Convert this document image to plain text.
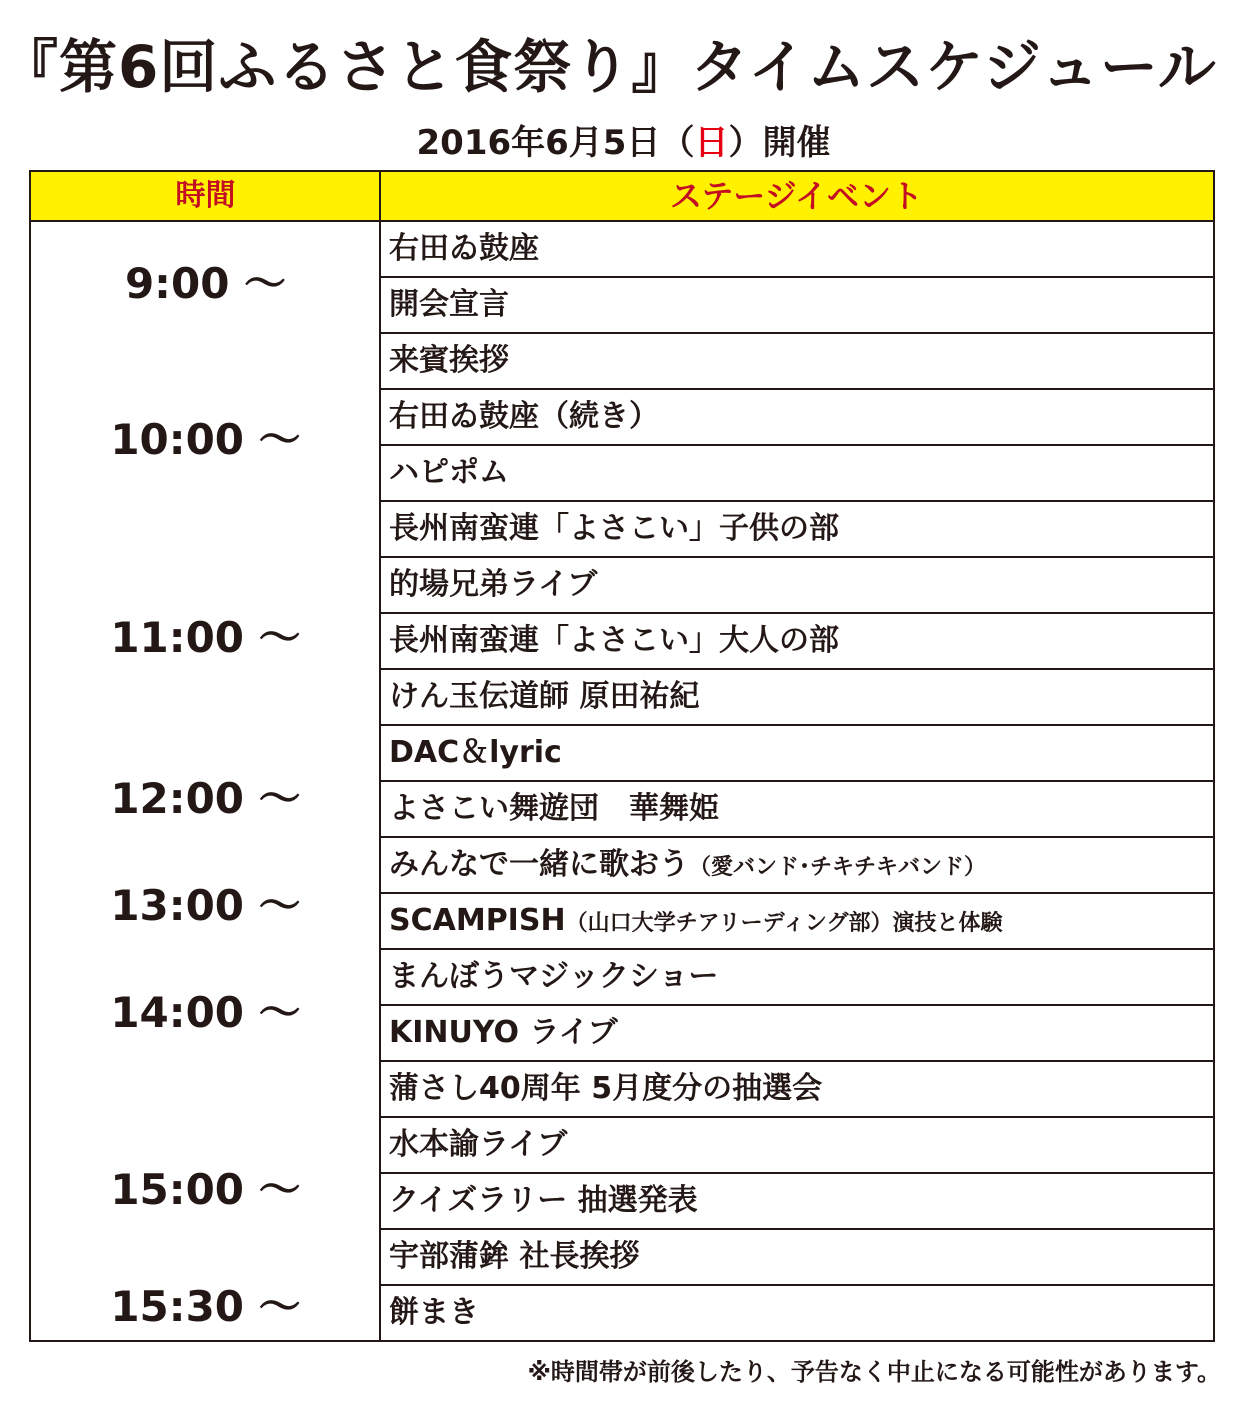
『第6回ふるさと食祭り』タイムスケジュール
2016年6月5日（日）開催
時間	ステージイベント
9:00 ～
10:00 ～
11:00 ～
12:00 ～
13:00 ～
14:00 ～
15:00 ～
15:30 ～
右田ゐ鼓座
開会宣言
来賓挨拶
右田ゐ鼓座（続き）
ハピポム
長州南蛮連「よさこい」子供の部
的場兄弟ライブ
長州南蛮連「よさこい」大人の部
けん玉伝道師 原田祐紀
DAC＆lyric
よさこい舞遊団　華舞姫
みんなで一緒に歌おう（愛バンド･チキチキバンド）
SCAMPISH（山口大学チアリーディング部）演技と体験
まんぼうマジックショー
KINUYO ライブ
蒲さし40周年 5月度分の抽選会
水本諭ライブ
クイズラリー 抽選発表
宇部蒲鉾 社長挨拶
餅まき
※時間帯が前後したり、予告なく中止になる可能性があります。
